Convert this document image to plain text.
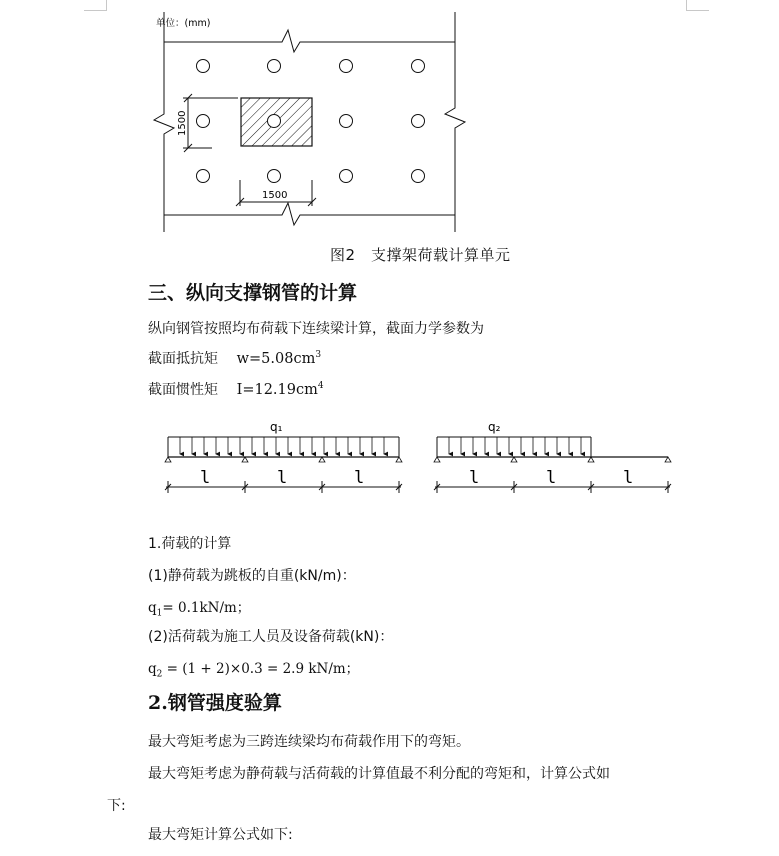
单位：(mm)
1500
1500
图2　支撑架荷载计算单元
三、纵向支撑钢管的计算
纵向钢管按照均布荷载下连续梁计算，截面力学参数为
截面抵抗矩 $w=5.08cm^3$
截面惯性矩 $I=12.19cm^4$
q₁
l	l	l
q₂
l	l	l
1.荷载的计算
(1)静荷载为跳板的自重(kN/m)：
$q_1= 0.1kN/m$；
(2)活荷载为施工人员及设备荷载(kN)：
$q_2 = (1 + 2)\times 0.3 = 2.9$ kN/m；
2.钢管强度验算
最大弯矩考虑为三跨连续梁均布荷载作用下的弯矩。
最大弯矩考虑为静荷载与活荷载的计算值最不利分配的弯矩和，计算公式如
下:
最大弯矩计算公式如下:
